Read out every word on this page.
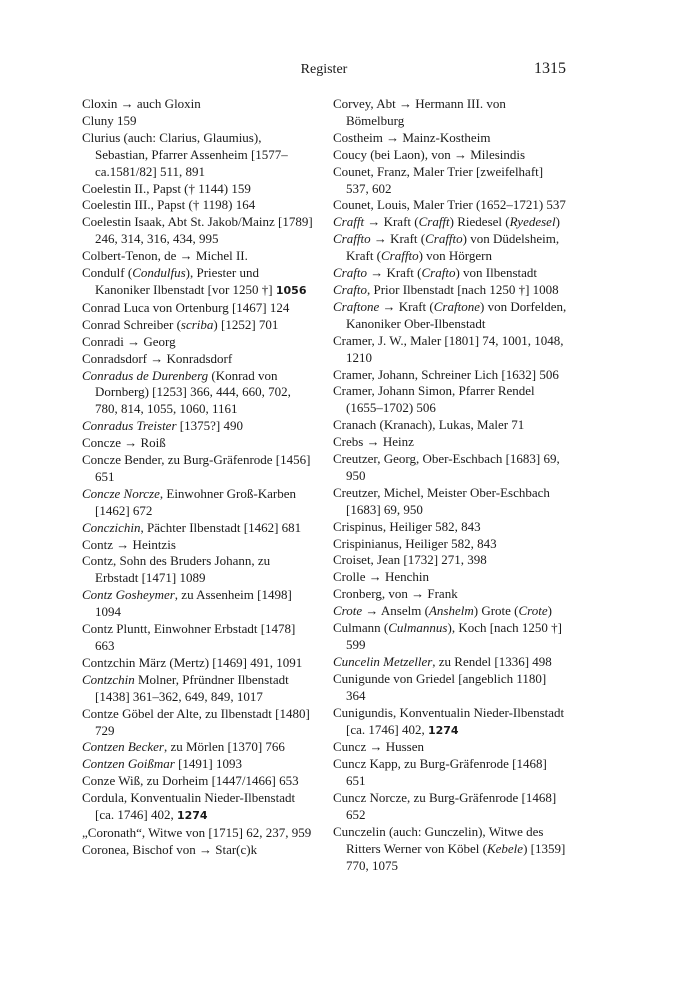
Register	1315

Cloxin → auch Gloxin

Cluny 159

Clurius (auch: Clarius, Glaumius), Sebastian, Pfarrer Assenheim [1577–ca.1581/82] 511, 891

Coelestin II., Papst († 1144) 159

Coelestin III., Papst († 1198) 164

Coelestin Isaak, Abt St. Jakob/Mainz [1789] 246, 314, 316, 434, 995

Colbert-Tenon, de → Michel II.

Condulf (Condulfus), Priester und Kanoniker Ilbenstadt [vor 1250 †] 1056

Conrad Luca von Ortenburg [1467] 124

Conrad Schreiber (scriba) [1252] 701

Conradi → Georg

Conradsdorf → Konradsdorf

Conradus de Durenberg (Konrad von Dornberg) [1253] 366, 444, 660, 702, 780, 814, 1055, 1060, 1161

Conradus Treister [1375?] 490

Concze → Roiß

Concze Bender, zu Burg-Gräfenrode [1456] 651

Concze Norcze, Einwohner Groß-Karben [1462] 672

Conczichin, Pächter Ilbenstadt [1462] 681

Contz → Heintzis

Contz, Sohn des Bruders Johann, zu Erbstadt [1471] 1089

Contz Gosheymer, zu Assenheim [1498] 1094

Contz Pluntt, Einwohner Erbstadt [1478] 663

Contzchin März (Mertz) [1469] 491, 1091

Contzchin Molner, Pfründner Ilbenstadt [1438] 361–362, 649, 849, 1017

Contze Göbel der Alte, zu Ilbenstadt [1480] 729

Contzen Becker, zu Mörlen [1370] 766

Contzen Goißmar [1491] 1093

Conze Wiß, zu Dorheim [1447/1466] 653

Cordula, Konventualin Nieder-Ilbenstadt [ca. 1746] 402, 1274

„Coronath“, Witwe von [1715] 62, 237, 959

Coronea, Bischof von → Star(c)k

Corvey, Abt → Hermann III. von Bömelburg

Costheim → Mainz-Kostheim

Coucy (bei Laon), von → Milesindis

Counet, Franz, Maler Trier [zweifelhaft] 537, 602

Counet, Louis, Maler Trier (1652–1721) 537

Crafft → Kraft (Crafft) Riedesel (Ryedesel)

Craffto → Kraft (Craffto) von Düdelsheim, Kraft (Craffto) von Hörgern

Crafto → Kraft (Crafto) von Ilbenstadt

Crafto, Prior Ilbenstadt [nach 1250 †] 1008

Craftone → Kraft (Craftone) von Dorfelden, Kanoniker Ober-Ilbenstadt

Cramer, J. W., Maler [1801] 74, 1001, 1048, 1210

Cramer, Johann, Schreiner Lich [1632] 506

Cramer, Johann Simon, Pfarrer Rendel (1655–1702) 506

Cranach (Kranach), Lukas, Maler 71

Crebs → Heinz

Creutzer, Georg, Ober-Eschbach [1683] 69, 950

Creutzer, Michel, Meister Ober-Eschbach [1683] 69, 950

Crispinus, Heiliger 582, 843

Crispinianus, Heiliger 582, 843

Croiset, Jean [1732] 271, 398

Crolle → Henchin

Cronberg, von → Frank

Crote → Anselm (Anshelm) Grote (Crote)

Culmann (Culmannus), Koch [nach 1250 †] 599

Cuncelin Metzeller, zu Rendel [1336] 498

Cunigunde von Griedel [angeblich 1180] 364

Cunigundis, Konventualin Nieder-Ilbenstadt [ca. 1746] 402, 1274

Cuncz → Hussen

Cuncz Kapp, zu Burg-Gräfenrode [1468] 651

Cuncz Norcze, zu Burg-Gräfenrode [1468] 652

Cunczelin (auch: Gunczelin), Witwe des Ritters Werner von Köbel (Kebele) [1359] 770, 1075
